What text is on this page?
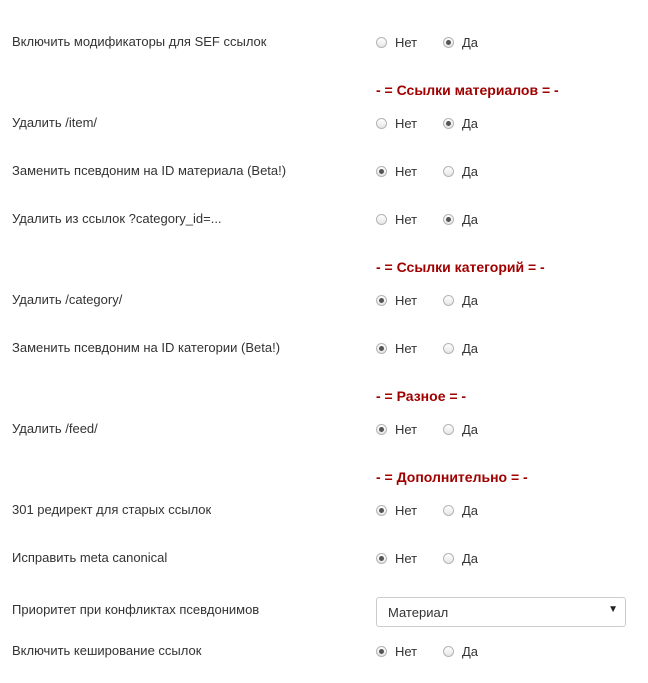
Включить модификаторы для SEF ссылок	Нет	Да
- = Ссылки материалов = -
Удалить /item/	Нет	Да
Заменить псевдоним на ID материала (Beta!)	Нет	Да
Удалить из ссылок ?category_id=...	Нет	Да
- = Ссылки категорий = -
Удалить /category/	Нет	Да
Заменить псевдоним на ID категории (Beta!)	Нет	Да
- = Разное = -
Удалить /feed/	Нет	Да
- = Дополнительно = -
301 редирект для старых ссылок	Нет	Да
Исправить meta canonical	Нет	Да
Приоритет при конфликтах псевдонимов	Материал	▼
Включить кеширование ссылок	Нет	Да
